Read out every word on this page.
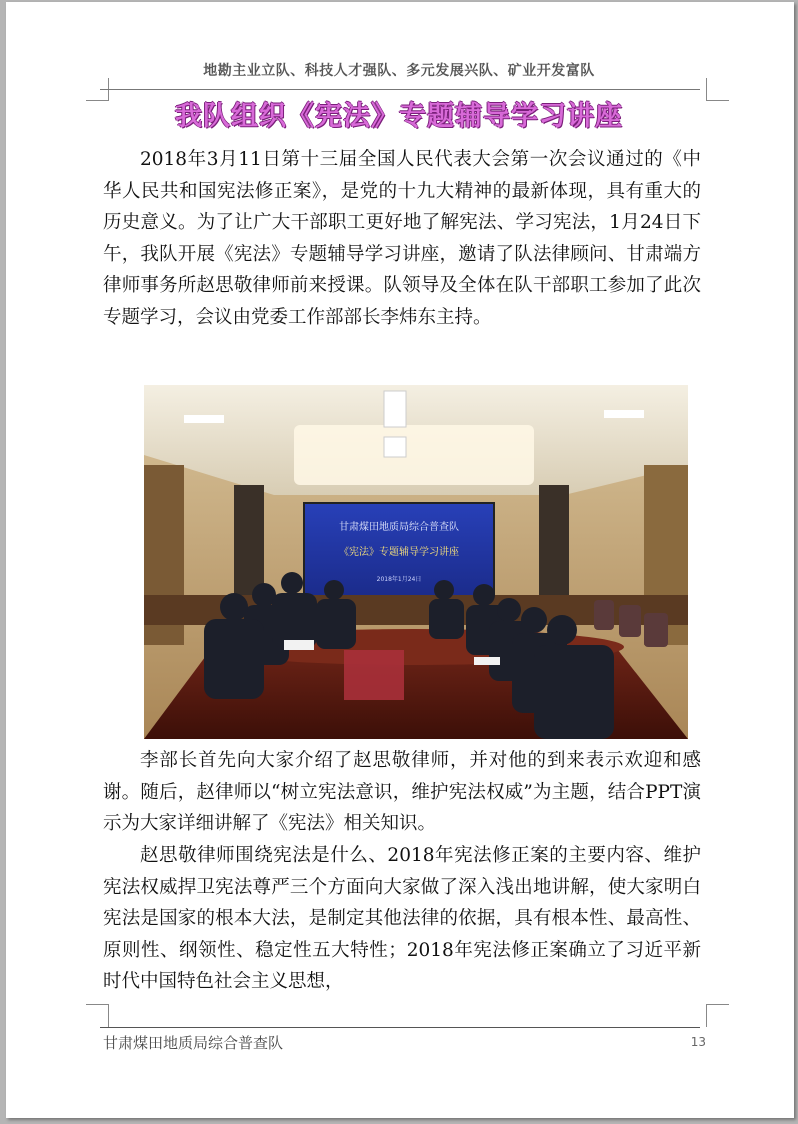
地勘主业立队、科技人才强队、多元发展兴队、矿业开发富队
我队组织《宪法》专题辅导学习讲座

2018年3月11日第十三届全国人民代表大会第一次会议通过的《中华人民共和国宪法修正案》，是党的十九大精神的最新体现，具有重大的历史意义。为了让广大干部职工更好地了解宪法、学习宪法，1月24日下午，我队开展《宪法》专题辅导学习讲座，邀请了队法律顾问、甘肃端方律师事务所赵思敬律师前来授课。队领导及全体在队干部职工参加了此次专题学习，会议由党委工作部部长李炜东主持。

甘肃煤田地质局综合普查队
《宪法》专题辅导学习讲座
2018年1月24日

李部长首先向大家介绍了赵思敬律师，并对他的到来表示欢迎和感谢。随后，赵律师以“树立宪法意识，维护宪法权威”为主题，结合PPT演示为大家详细讲解了《宪法》相关知识。

赵思敬律师围绕宪法是什么、2018年宪法修正案的主要内容、维护宪法权威捍卫宪法尊严三个方面向大家做了深入浅出地讲解，使大家明白宪法是国家的根本大法，是制定其他法律的依据，具有根本性、最高性、原则性、纲领性、稳定性五大特性；2018年宪法修正案确立了习近平新时代中国特色社会主义思想，

甘肃煤田地质局综合普查队	13
